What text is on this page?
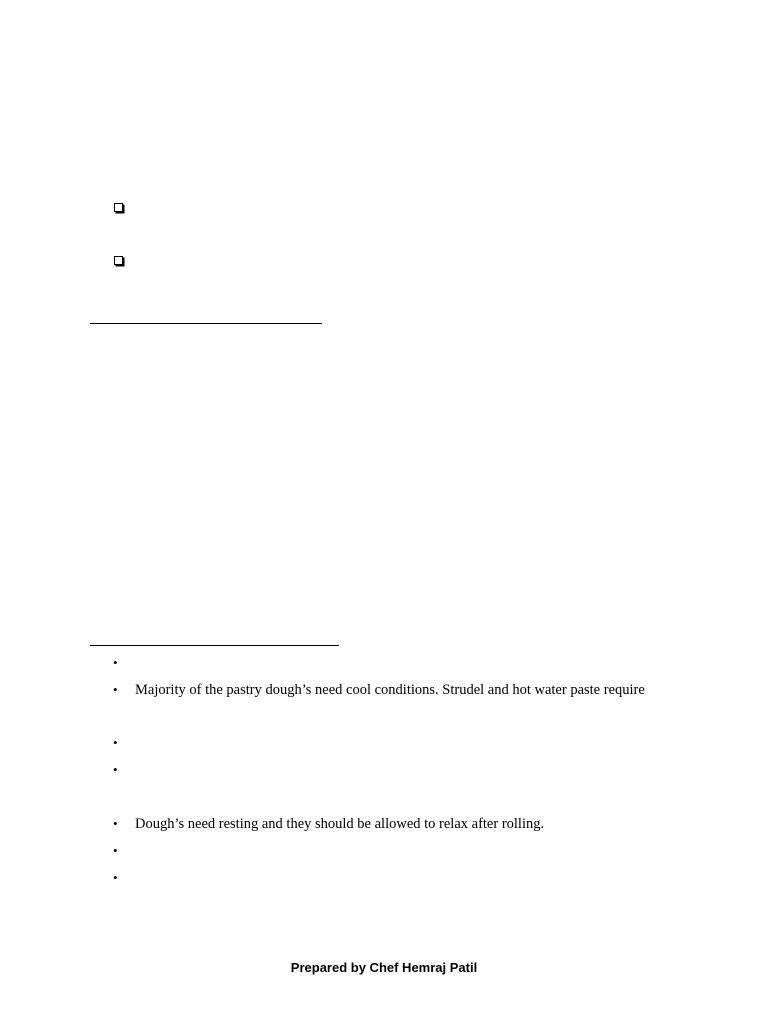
•
• Majority of the pastry dough’s need cool conditions. Strudel and hot water paste require
•
•
• Dough’s need resting and they should be allowed to relax after rolling.
•
•
Prepared by Chef Hemraj Patil
